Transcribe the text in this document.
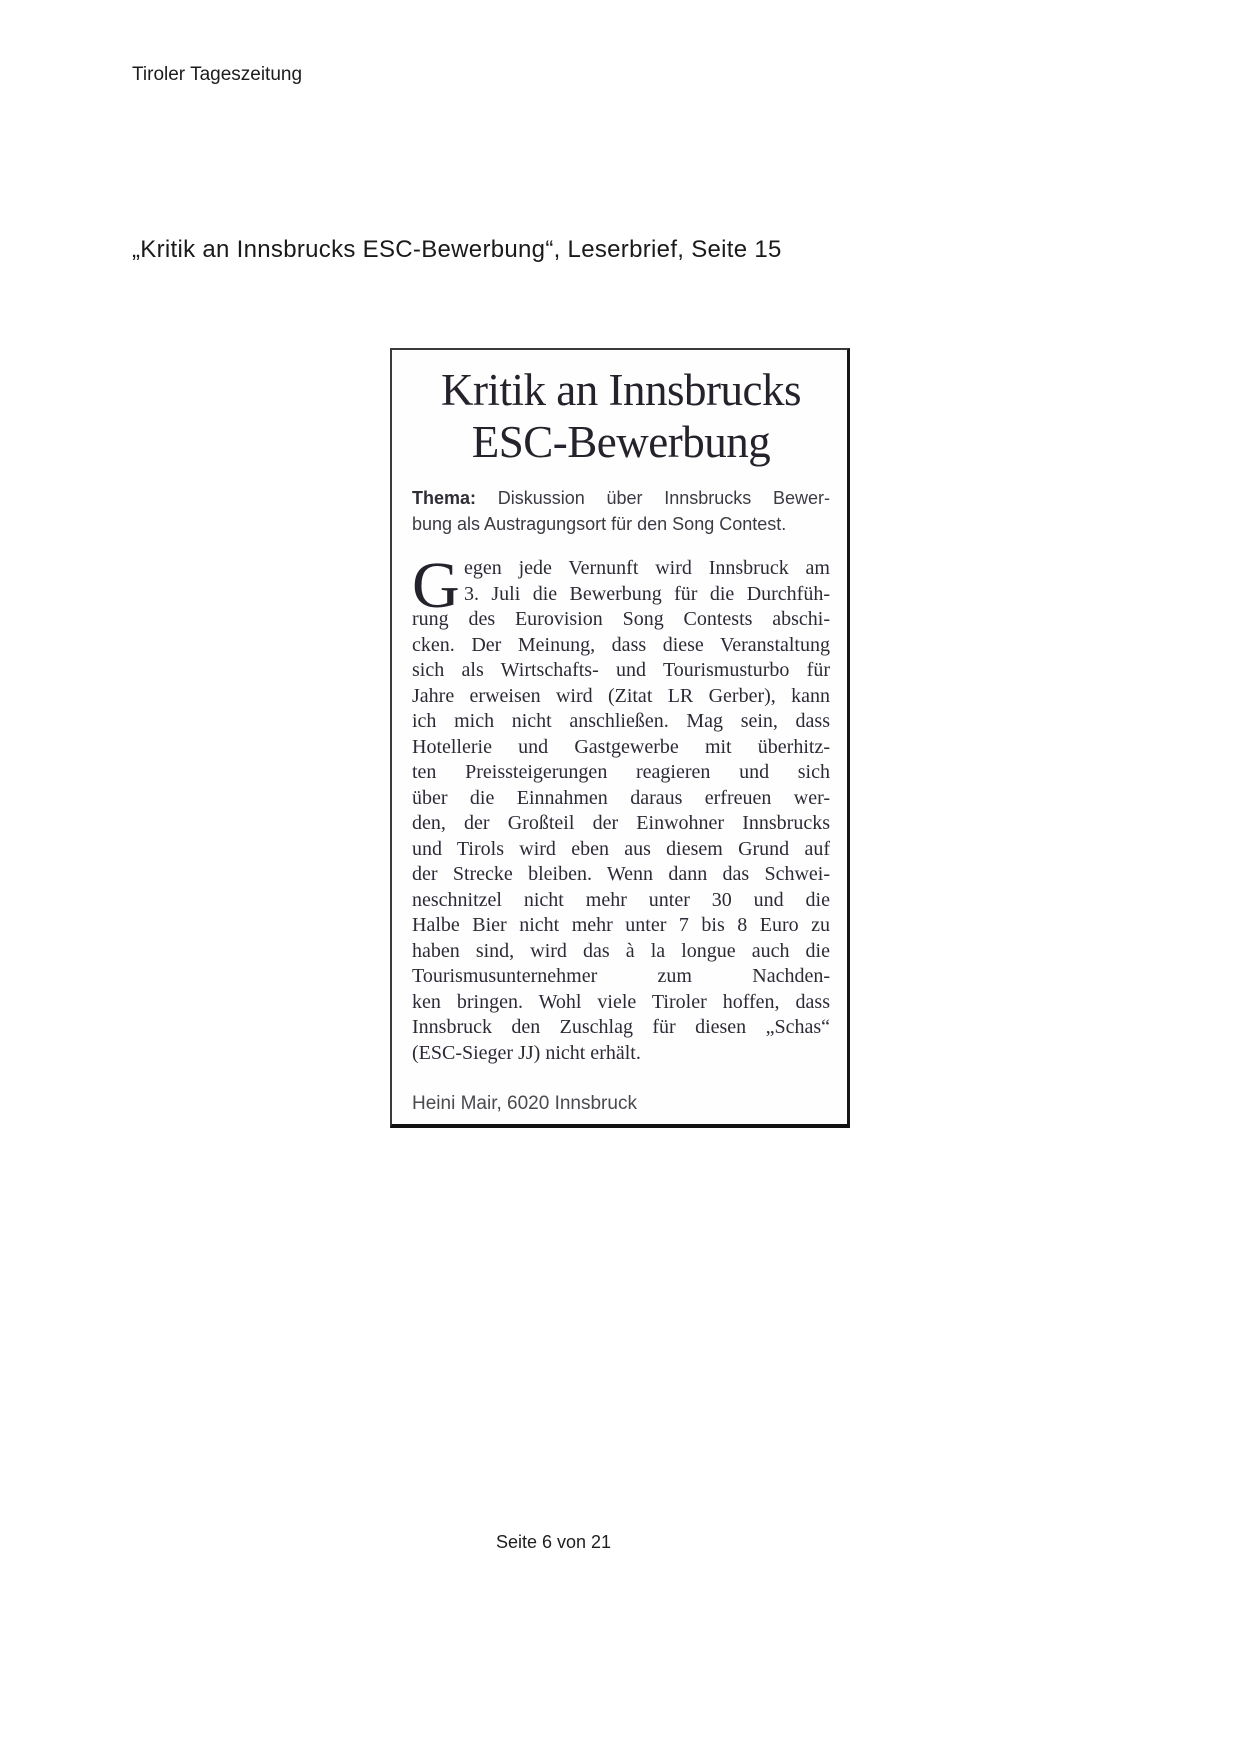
Tiroler Tageszeitung
„Kritik an Innsbrucks ESC-Bewerbung“, Leserbrief, Seite 15
Kritik an Innsbrucks
ESC-Bewerbung
Thema: Diskussion über Innsbrucks Bewer-
bung als Austragungsort für den Song Contest.
G egen jede Vernunft wird Innsbruck am
3. Juli die Bewerbung für die Durchfüh-
rung des Eurovision Song Contests abschi-
cken. Der Meinung, dass diese Veranstaltung
sich als Wirtschafts- und Tourismusturbo für
Jahre erweisen wird (Zitat LR Gerber), kann
ich mich nicht anschließen. Mag sein, dass
Hotellerie und Gastgewerbe mit überhitz-
ten Preissteigerungen reagieren und sich
über die Einnahmen daraus erfreuen wer-
den, der Großteil der Einwohner Innsbrucks
und Tirols wird eben aus diesem Grund auf
der Strecke bleiben. Wenn dann das Schwei-
neschnitzel nicht mehr unter 30 und die
Halbe Bier nicht mehr unter 7 bis 8 Euro zu
haben sind, wird das à la longue auch die
Tourismusunternehmer zum Nachden-
ken bringen. Wohl viele Tiroler hoffen, dass
Innsbruck den Zuschlag für diesen „Schas“
(ESC-Sieger JJ) nicht erhält.
Heini Mair, 6020 Innsbruck
Seite 6 von 21
